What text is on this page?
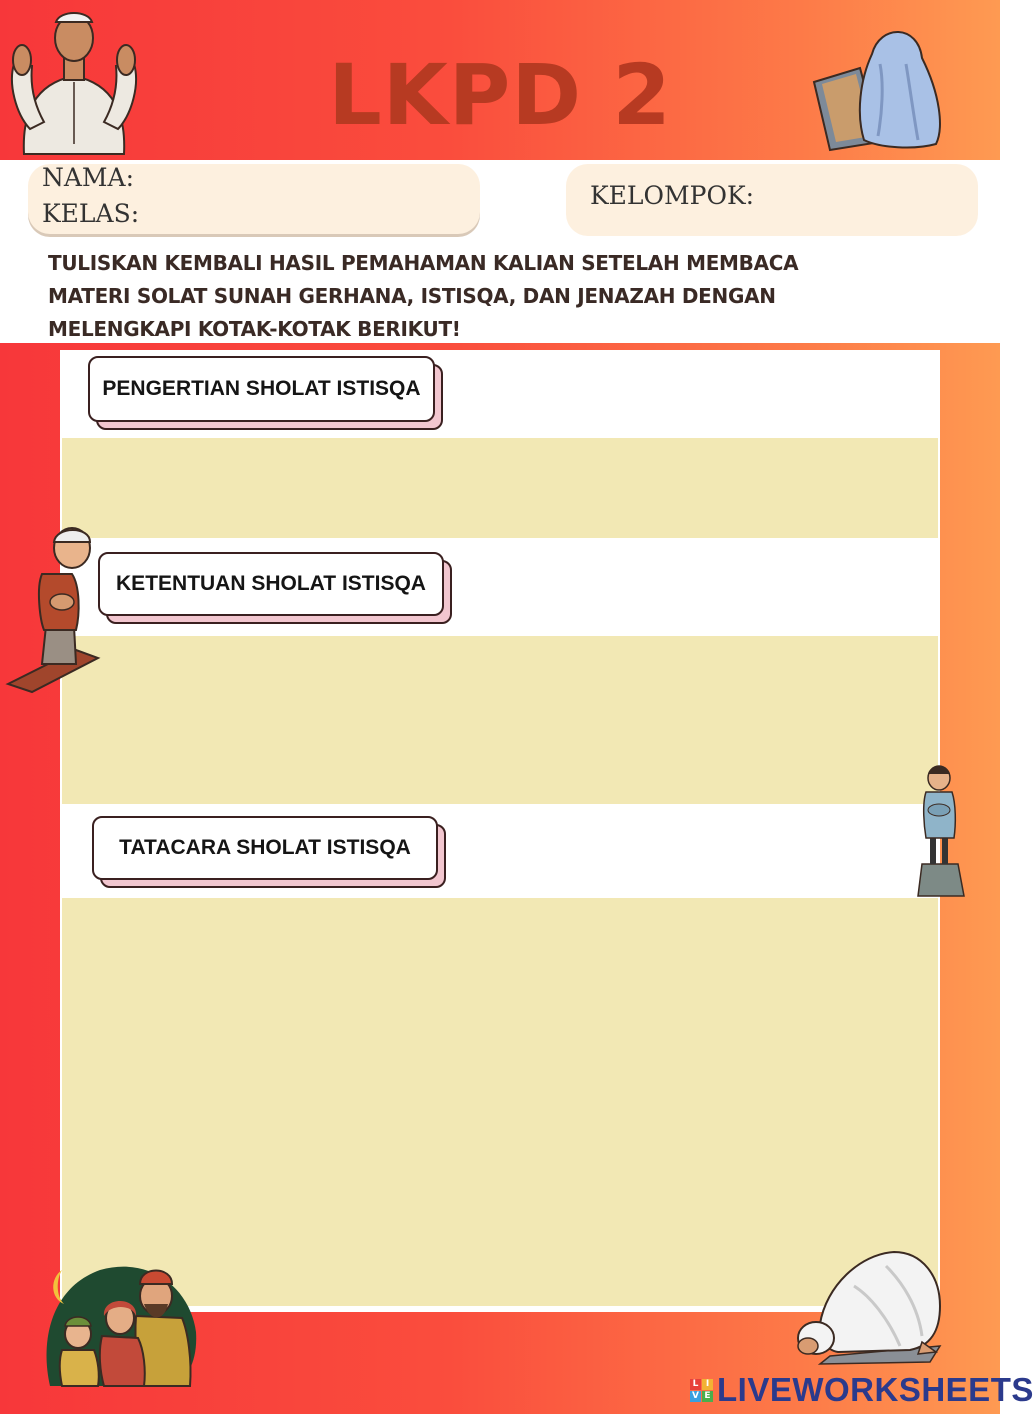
LKPD 2
NAMA:
KELAS:
KELOMPOK:
TULISKAN KEMBALI HASIL PEMAHAMAN KALIAN SETELAH MEMBACA
MATERI SOLAT SUNAH GERHANA, ISTISQA, DAN JENAZAH DENGAN
MELENGKAPI KOTAK-KOTAK BERIKUT!
PENGERTIAN SHOLAT ISTISQA
KETENTUAN SHOLAT ISTISQA
TATACARA SHOLAT ISTISQA
L I
V E LIVEWORKSHEETS
